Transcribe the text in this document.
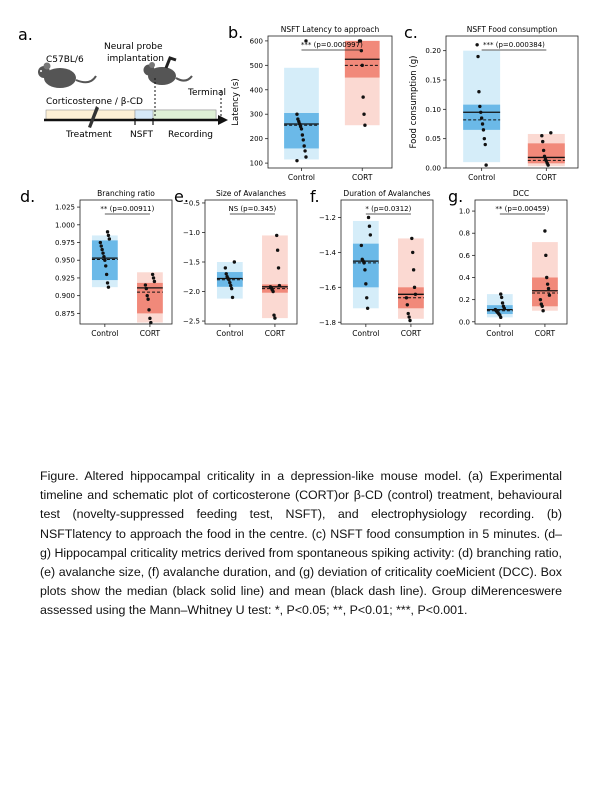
a.
C57BL/6
Neural probe
implantation
Terminal
Corticosterone / β-CD
Treatment NSFT Recording
b.	NSFT Latency to approach
100
200
300
400
500
600
Latency (s)
Control	CORT
*** (p=0.000997)
c.	NSFT Food consumption
0.00
0.05
0.10
0.15
0.20
Food consumption (g)
Control	CORT
*** (p=0.000384)
d.	Branching ratio
0.875
0.900
0.925
0.950
0.975
1.000
1.025
Control	CORT
** (p=0.00911)
e.	Size of Avalanches
−2.5
−2.0
−1.5
−1.0
−0.5
Control	CORT
NS (p=0.345)
f.	Duration of Avalanches
−1.8
−1.6
−1.4
−1.2
Control	CORT
* (p=0.0312)
g.	DCC
0.0
0.2
0.4
0.6
0.8
1.0
Control	CORT
** (p=0.00459)

Figure. Altered hippocampal criticality in a depression-like mouse model. (a) Experimental timeline and schematic plot of corticosterone (CORT)or β-CD (control) treatment, behavioural test (novelty-suppressed feeding test, NSFT), and electrophysiology recording. (b) NSFTlatency to approach the food in the centre. (c) NSFT food consumption in 5 minutes. (d–g) Hippocampal criticality metrics derived from spontaneous spiking activity: (d) branching ratio, (e) avalanche size, (f) avalanche duration, and (g) deviation of criticality coeMicient (DCC). Box plots show the median (black solid line) and mean (black dash line). Group diMerenceswere assessed using the Mann–Whitney U test: *, P<0.05; **, P<0.01; ***, P<0.001.
